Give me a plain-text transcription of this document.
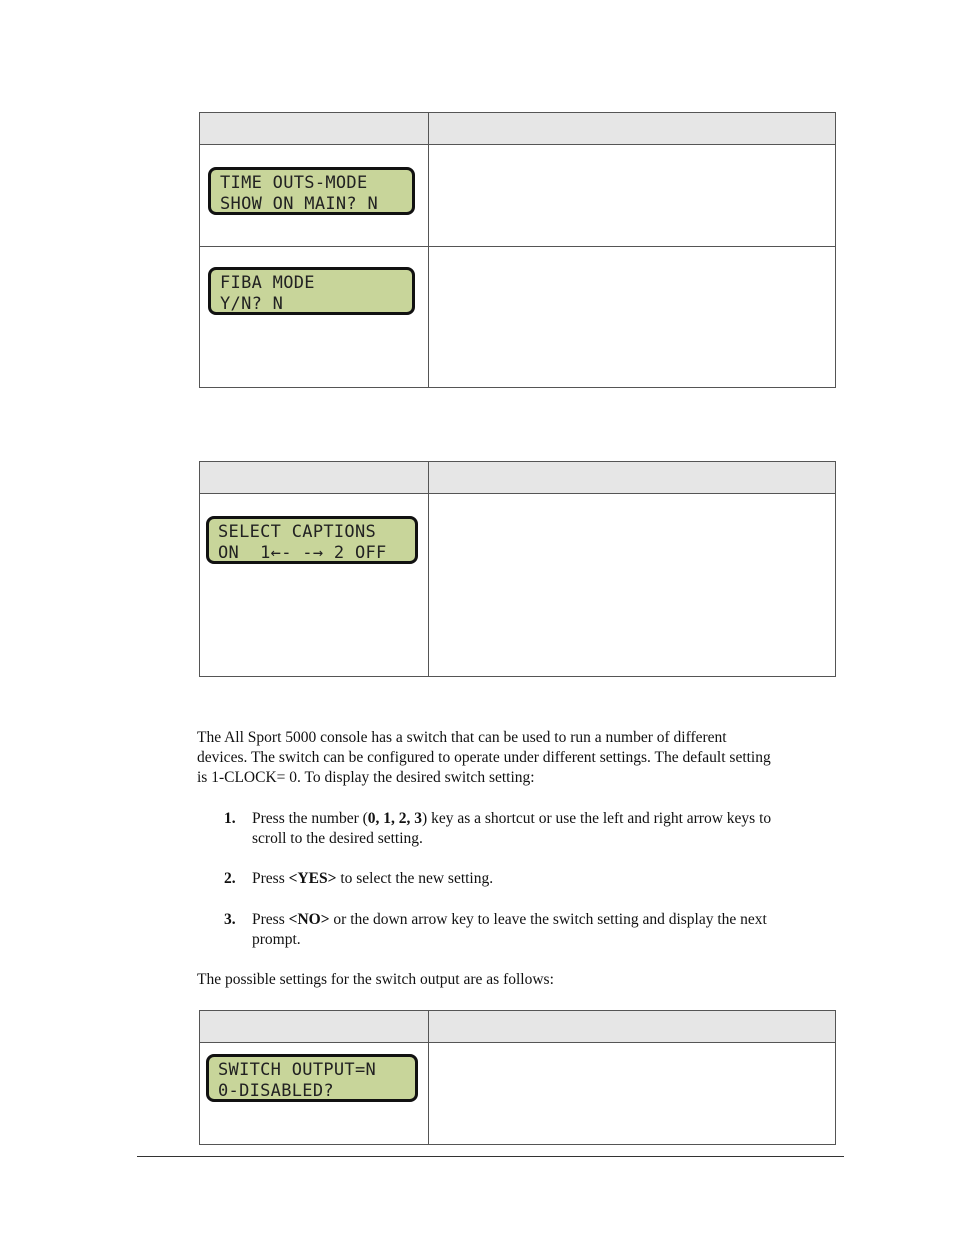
TIME OUTS-MODE
SHOW ON MAIN? N	

FIBA MODE
Y/N? N	

SELECT CAPTIONS
ON  1←- -→ 2 OFF	

The All Sport 5000 console has a switch that can be used to run a number of different
devices. The switch can be configured to operate under different settings. The default setting
is 1-CLOCK= 0. To display the desired switch setting:

1. Press the number (0, 1, 2, 3) key as a shortcut or use the left and right arrow keys to
scroll to the desired setting.
2. Press <YES> to select the new setting.
3. Press <NO> or the down arrow key to leave the switch setting and display the next
prompt.

The possible settings for the switch output are as follows:

SWITCH OUTPUT=N
0-DISABLED?	
